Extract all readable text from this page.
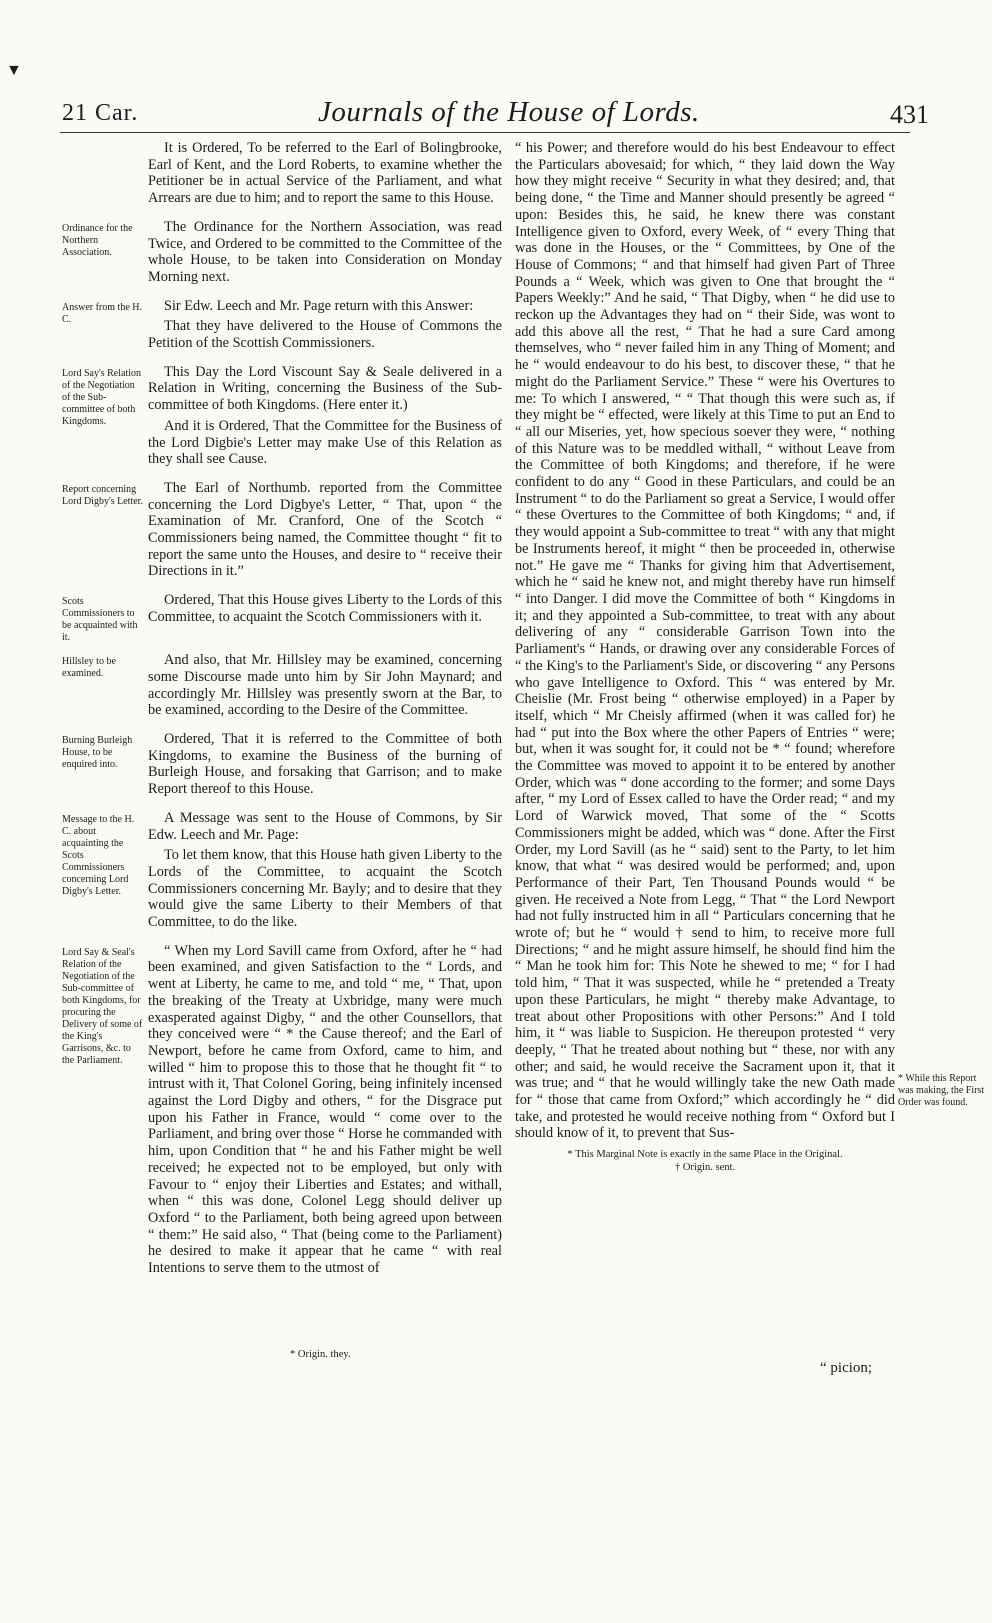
▼
21 Car.	Journals of the House of Lords.	431

It is Ordered, To be referred to the Earl of Bolingbrooke, Earl of Kent, and the Lord Roberts, to examine whether the Petitioner be in actual Service of the Parliament, and what Arrears are due to him; and to report the same to this House.

Ordinance for the Northern Association.

The Ordinance for the Northern Association, was read Twice, and Ordered to be committed to the Committee of the whole House, to be taken into Consideration on Monday Morning next.

Answer from the H. C.

Sir Edw. Leech and Mr. Page return with this Answer:

That they have delivered to the House of Commons the Petition of the Scottish Commissioners.

Lord Say's Relation of the Negotiation of the Sub-committee of both Kingdoms.

This Day the Lord Viscount Say & Seale delivered in a Relation in Writing, concerning the Business of the Sub-committee of both Kingdoms. (Here enter it.)

And it is Ordered, That the Committee for the Business of the Lord Digbie's Letter may make Use of this Relation as they shall see Cause.

Report concerning Lord Digby's Letter.

The Earl of Northumb. reported from the Committee concerning the Lord Digbye's Letter, “ That, upon “ the Examination of Mr. Cranford, One of the Scotch “ Commissioners being named, the Committee thought “ fit to report the same unto the Houses, and desire to “ receive their Directions in it.”

Scots Commissioners to be acquainted with it.

Ordered, That this House gives Liberty to the Lords of this Committee, to acquaint the Scotch Commissioners with it.

Hillsley to be examined.

And also, that Mr. Hillsley may be examined, concerning some Discourse made unto him by Sir John Maynard; and accordingly Mr. Hillsley was presently sworn at the Bar, to be examined, according to the Desire of the Committee.

Burning Burleigh House, to be enquired into.

Ordered, That it is referred to the Committee of both Kingdoms, to examine the Business of the burning of Burleigh House, and forsaking that Garrison; and to make Report thereof to this House.

Message to the H. C. about acquainting the Scots Commissioners concerning Lord Digby's Letter.

A Message was sent to the House of Commons, by Sir Edw. Leech and Mr. Page:

To let them know, that this House hath given Liberty to the Lords of the Committee, to acquaint the Scotch Commissioners concerning Mr. Bayly; and to desire that they would give the same Liberty to their Members of that Committee, to do the like.

Lord Say & Seal's Relation of the Negotiation of the Sub-committee of both Kingdoms, for procuring the Delivery of some of the King's Garrisons, &c. to the Parliament.

“ When my Lord Savill came from Oxford, after he “ had been examined, and given Satisfaction to the “ Lords, and went at Liberty, he came to me, and told “ me, “ That, upon the breaking of the Treaty at Uxbridge, many were much exasperated against Digby, “ and the other Counsellors, that they conceived were “ * the Cause thereof; and the Earl of Newport, before he came from Oxford, came to him, and willed “ him to propose this to those that he thought fit “ to intrust with it, That Colonel Goring, being infinitely incensed against the Lord Digby and others, “ for the Disgrace put upon his Father in France, would “ come over to the Parliament, and bring over those “ Horse he commanded with him, upon Condition that “ he and his Father might be well received; he expected not to be employed, but only with Favour to “ enjoy their Liberties and Estates; and withall, when “ this was done, Colonel Legg should deliver up Oxford “ to the Parliament, both being agreed upon between “ them:” He said also, “ That (being come to the Parliament) he desired to make it appear that he came “ with real Intentions to serve them to the utmost of

“ his Power; and therefore would do his best Endeavour to effect the Particulars abovesaid; for which, “ they laid down the Way how they might receive “ Security in what they desired; and, that being done, “ the Time and Manner should presently be agreed “ upon: Besides this, he said, he knew there was constant Intelligence given to Oxford, every Week, of “ every Thing that was done in the Houses, or the “ Committees, by One of the House of Commons; “ and that himself had given Part of Three Pounds a “ Week, which was given to One that brought the “ Papers Weekly:” And he said, “ That Digby, when “ he did use to reckon up the Advantages they had on “ their Side, was wont to add this above all the rest, “ That he had a sure Card among themselves, who “ never failed him in any Thing of Moment; and he “ would endeavour to do his best, to discover these, “ that he might do the Parliament Service.” These “ were his Overtures to me: To which I answered, “ “ That though this were such as, if they might be “ effected, were likely at this Time to put an End to “ all our Miseries, yet, how specious soever they were, “ nothing of this Nature was to be meddled withall, “ without Leave from the Committee of both Kingdoms; and therefore, if he were confident to do any “ Good in these Particulars, and could be an Instrument “ to do the Parliament so great a Service, I would offer “ these Overtures to the Committee of both Kingdoms; “ and, if they would appoint a Sub-committee to treat “ with any that might be Instruments hereof, it might “ then be proceeded in, otherwise not.” He gave me “ Thanks for giving him that Advertisement, which he “ said he knew not, and might thereby have run himself “ into Danger. I did move the Committee of both “ Kingdoms in it; and they appointed a Sub-committee, to treat with any about delivering of any “ considerable Garrison Town into the Parliament's “ Hands, or drawing over any considerable Forces of “ the King's to the Parliament's Side, or discovering “ any Persons who gave Intelligence to Oxford. This “ was entered by Mr. Cheislie (Mr. Frost being “ otherwise employed) in a Paper by itself, which “ Mr Cheisly affirmed (when it was called for) he had “ put into the Box where the other Papers of Entries “ were; but, when it was sought for, it could not be * “ found; wherefore the Committee was moved to appoint it to be entered by another Order, which was “ done according to the former; and some Days after, “ my Lord of Essex called to have the Order read; “ and my Lord of Warwick moved, That some of the “ Scotts Commissioners might be added, which was “ done. After the First Order, my Lord Savill (as he “ said) sent to the Party, to let him know, that what “ was desired would be performed; and, upon Performance of their Part, Ten Thousand Pounds would “ be given. He received a Note from Legg, “ That “ the Lord Newport had not fully instructed him in all “ Particulars concerning that he wrote of; but he “ would † send to him, to receive more full Directions; “ and he might assure himself, he should find him the “ Man he took him for: This Note he shewed to me; “ for I had told him, “ That it was suspected, while he “ pretended a Treaty upon these Particulars, he might “ thereby make Advantage, to treat about other Propositions with other Persons:” And I told him, it “ was liable to Suspicion. He thereupon protested “ very deeply, “ That he treated about nothing but “ these, nor with any other; and said, he would receive the Sacrament upon it, that it was true; and “ that he would willingly take the new Oath made for “ those that came from Oxford;” which accordingly he “ did take, and protested he would receive nothing from “ Oxford but I should know of it, to prevent that Sus-

* This Marginal Note is exactly in the same Place in the Original.
† Origin. sent.
* While this Report was making, the First Order was found.
* Origin. they.
“ picion;
